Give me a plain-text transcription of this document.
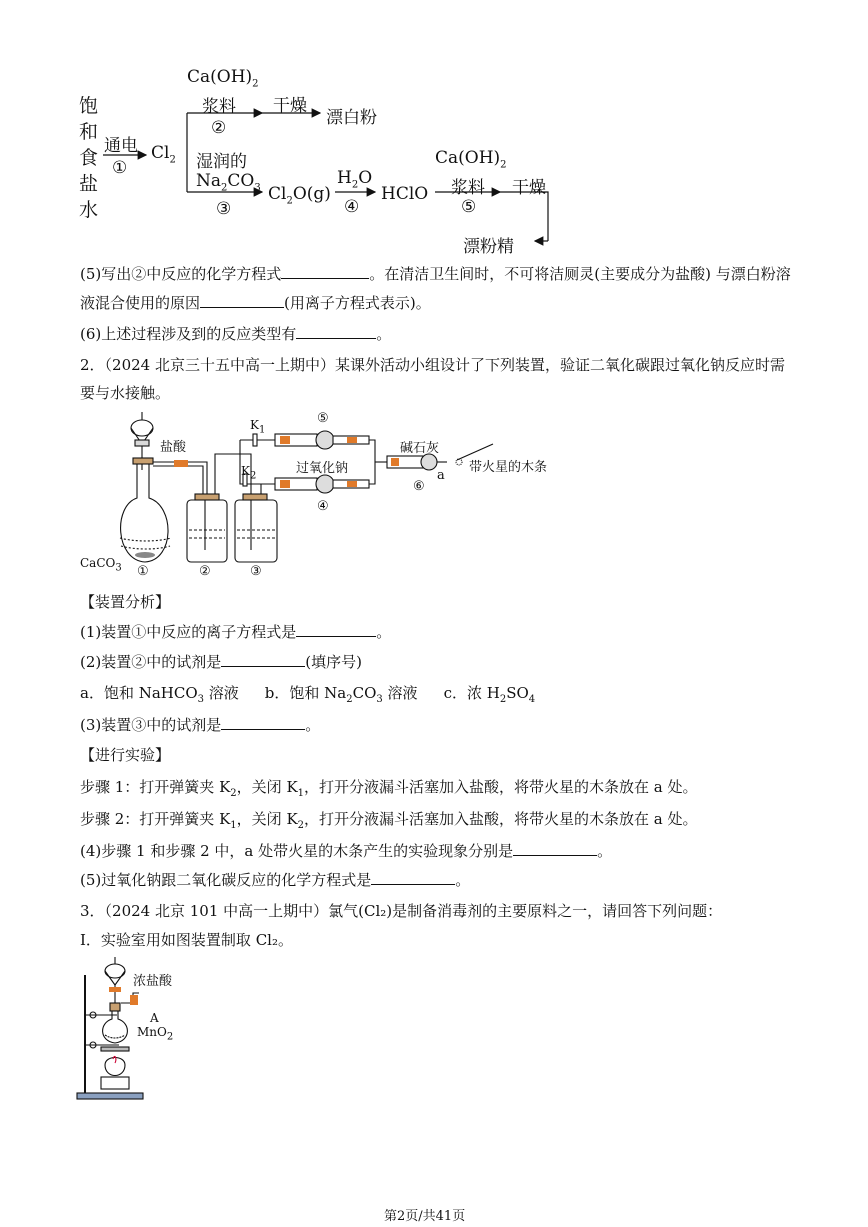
饱
和
食
盐
水
通电
①
$Cl_2$
$Ca(OH)_2$
浆料
②
干燥
漂白粉
湿润的
$Na_2CO_3$
③
$Cl_2O(g)$
$H_2O$
④
HClO
$Ca(OH)_2$
浆料
⑤
干燥
漂粉精
(5)写出②中反应的化学方程式	。在清洁卫生间时，不可将洁厕灵(主要成分为盐酸) 与漂白粉溶
液混合使用的原因	(用离子方程式表示)。
(6)上述过程涉及到的反应类型有	。
2．（2024 北京三十五中高一上期中）某课外活动小组设计了下列装置，验证二氧化碳跟过氧化钠反应时需
要与水接触。
盐酸
$K_1$
$K_2$
⑤
过氧化钠
④
碱石灰
a
带火星的木条
⑥
CaCO$_3$ ①	②	③
【装置分析】
(1)装置①中反应的离子方程式是	。
(2)装置②中的试剂是	(填序号)
a．饱和 NaHCO$_3$ 溶液 b．饱和 $Na_2CO_3$ 溶液 c．浓 $H_2SO_4$
(3)装置③中的试剂是	。
【进行实验】
步骤 1：打开弹簧夹 $K_2$，关闭 $K_1$，打开分液漏斗活塞加入盐酸，将带火星的木条放在 a 处。
步骤 2：打开弹簧夹 $K_1$，关闭 $K_2$，打开分液漏斗活塞加入盐酸，将带火星的木条放在 a 处。
(4)步骤 1 和步骤 2 中，a 处带火星的木条产生的实验现象分别是	。
(5)过氧化钠跟二氧化碳反应的化学方程式是	。
3．（2024 北京 101 中高一上期中）氯气(Cl₂)是制备消毒剂的主要原料之一，请回答下列问题：
I．实验室用如图装置制取 Cl₂。
浓盐酸
A
MnO$_2$
第2页/共41页
